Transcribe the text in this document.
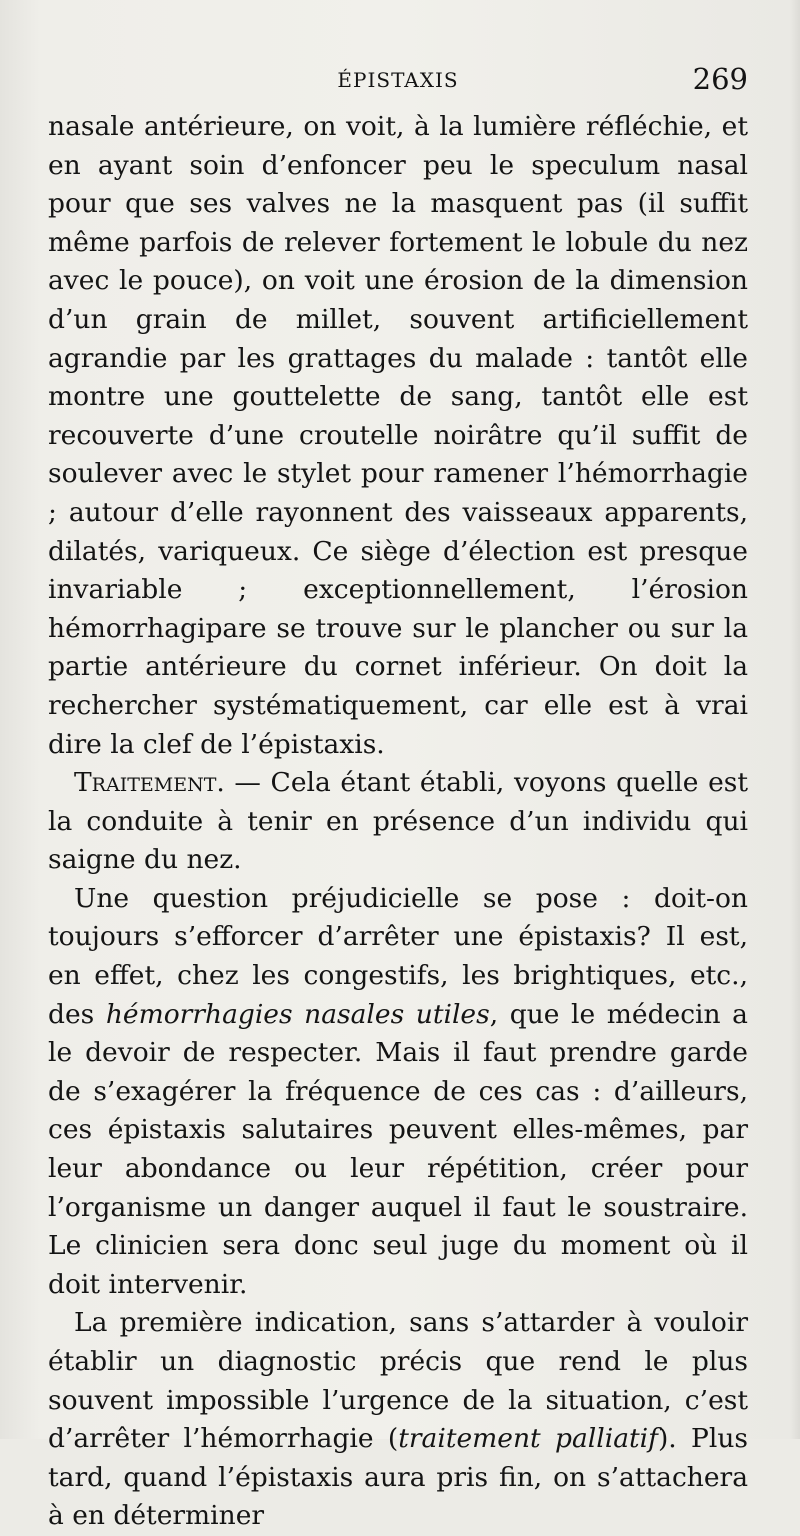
ÉPISTAXIS	269

nasale antérieure, on voit, à la lumière réfléchie, et en ayant soin d’enfoncer peu le speculum nasal pour que ses valves ne la masquent pas (il suffit même parfois de relever fortement le lobule du nez avec le pouce), on voit une érosion de la dimension d’un grain de millet, souvent artificiellement agrandie par les grattages du malade : tantôt elle montre une gouttelette de sang, tantôt elle est recouverte d’une croutelle noirâtre qu’il suffit de soulever avec le stylet pour ramener l’hémorrhagie ; autour d’elle rayonnent des vaisseaux apparents, dilatés, variqueux. Ce siège d’élection est presque invariable ; exceptionnellement, l’érosion hémorrhagipare se trouve sur le plancher ou sur la partie antérieure du cornet inférieur. On doit la rechercher systématiquement, car elle est à vrai dire la clef de l’épistaxis.

Traitement. — Cela étant établi, voyons quelle est la conduite à tenir en présence d’un individu qui saigne du nez.

Une question préjudicielle se pose : doit-on toujours s’efforcer d’arrêter une épistaxis? Il est, en effet, chez les congestifs, les brightiques, etc., des hémorrhagies nasales utiles, que le médecin a le devoir de respecter. Mais il faut prendre garde de s’exagérer la fréquence de ces cas : d’ailleurs, ces épistaxis salutaires peuvent elles-mêmes, par leur abondance ou leur répétition, créer pour l’organisme un danger auquel il faut le soustraire. Le clinicien sera donc seul juge du moment où il doit intervenir.

La première indication, sans s’attarder à vouloir établir un diagnostic précis que rend le plus souvent impossible l’urgence de la situation, c’est d’arrêter l’hémorrhagie (traitement palliatif). Plus tard, quand l’épistaxis aura pris fin, on s’attachera à en déterminer
